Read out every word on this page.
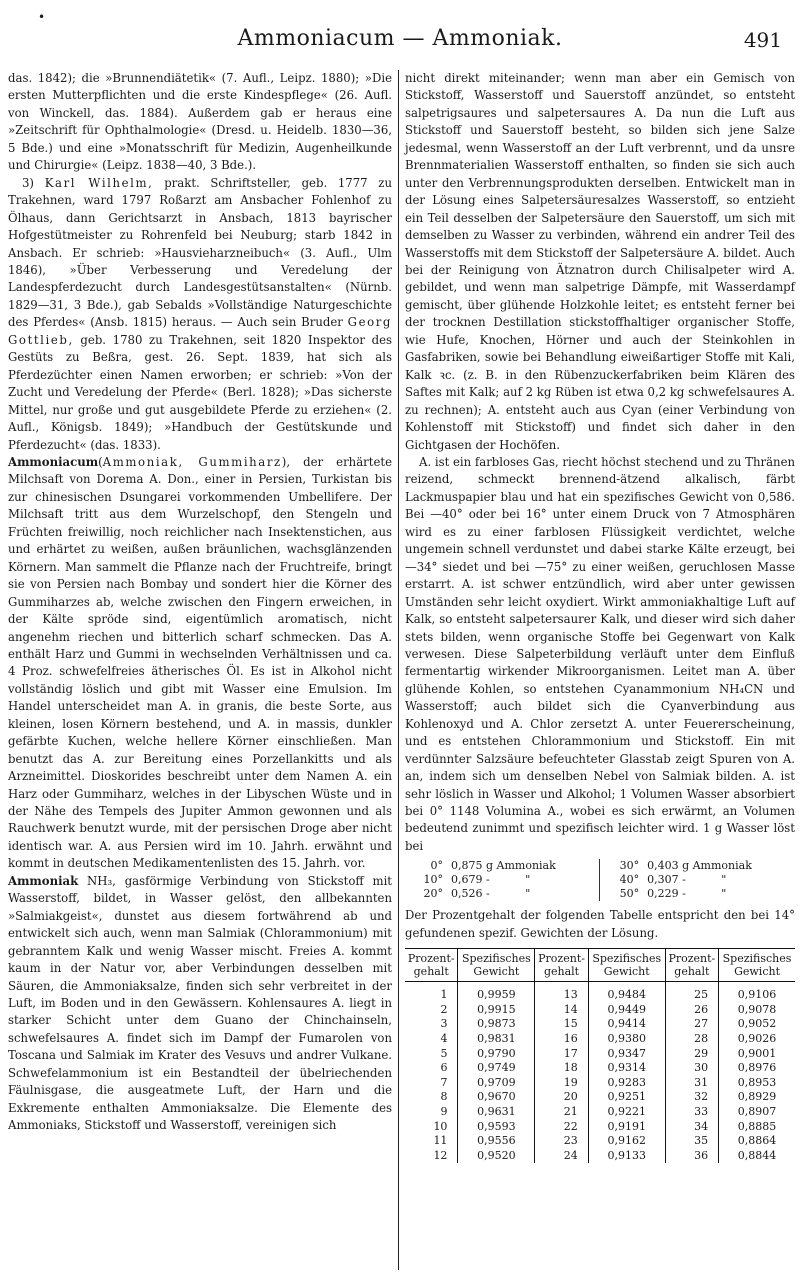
•
Ammoniacum — Ammoniak.	491

das. 1842); die »Brunnendiätetik« (7. Aufl., Leipz. 1880); »Die ersten Mutterpflichten und die erste Kindespflege« (26. Aufl. von Winckell, das. 1884). Außerdem gab er heraus eine »Zeitschrift für Ophthalmologie« (Dresd. u. Heidelb. 1830—36, 5 Bde.) und eine »Monatsschrift für Medizin, Augenheilkunde und Chirurgie« (Leipz. 1838—40, 3 Bde.).

3) Karl Wilhelm, prakt. Schriftsteller, geb. 1777 zu Trakehnen, ward 1797 Roßarzt am Ansbacher Fohlenhof zu Ölhaus, dann Gerichtsarzt in Ansbach, 1813 bayrischer Hofgestütmeister zu Rohrenfeld bei Neuburg; starb 1842 in Ansbach. Er schrieb: »Hausvieharzneibuch« (3. Aufl., Ulm 1846), »Über Verbesserung und Veredelung der Landespferdezucht durch Landesgestütsanstalten« (Nürnb. 1829—31, 3 Bde.), gab Sebalds »Vollständige Naturgeschichte des Pferdes« (Ansb. 1815) heraus. — Auch sein Bruder Georg Gottlieb, geb. 1780 zu Trakehnen, seit 1820 Inspektor des Gestüts zu Beßra, gest. 26. Sept. 1839, hat sich als Pferdezüchter einen Namen erworben; er schrieb: »Von der Zucht und Veredelung der Pferde« (Berl. 1828); »Das sicherste Mittel, nur große und gut ausgebildete Pferde zu erziehen« (2. Aufl., Königsb. 1849); »Handbuch der Gestütskunde und Pferdezucht« (das. 1833).

Ammoniacum(Ammoniak, Gummiharz), der erhärtete Milchsaft von Dorema A. Don., einer in Persien, Turkistan bis zur chinesischen Dsungarei vorkommenden Umbellifere. Der Milchsaft tritt aus dem Wurzelschopf, den Stengeln und Früchten freiwillig, noch reichlicher nach Insektenstichen, aus und erhärtet zu weißen, außen bräunlichen, wachsglänzenden Körnern. Man sammelt die Pflanze nach der Fruchtreife, bringt sie von Persien nach Bombay und sondert hier die Körner des Gummiharzes ab, welche zwischen den Fingern erweichen, in der Kälte spröde sind, eigentümlich aromatisch, nicht angenehm riechen und bitterlich scharf schmecken. Das A. enthält Harz und Gummi in wechselnden Verhältnissen und ca. 4 Proz. schwefelfreies ätherisches Öl. Es ist in Alkohol nicht vollständig löslich und gibt mit Wasser eine Emulsion. Im Handel unterscheidet man A. in granis, die beste Sorte, aus kleinen, losen Körnern bestehend, und A. in massis, dunkler gefärbte Kuchen, welche hellere Körner einschließen. Man benutzt das A. zur Bereitung eines Porzellankitts und als Arzneimittel. Dioskorides beschreibt unter dem Namen A. ein Harz oder Gummiharz, welches in der Libyschen Wüste und in der Nähe des Tempels des Jupiter Ammon gewonnen und als Rauchwerk benutzt wurde, mit der persischen Droge aber nicht identisch war. A. aus Persien wird im 10. Jahrh. erwähnt und kommt in deutschen Medikamentenlisten des 15. Jahrh. vor.

Ammoniak NH₃, gasförmige Verbindung von Stickstoff mit Wasserstoff, bildet, in Wasser gelöst, den allbekannten »Salmiakgeist«, dunstet aus diesem fortwährend ab und entwickelt sich auch, wenn man Salmiak (Chlorammonium) mit gebranntem Kalk und wenig Wasser mischt. Freies A. kommt kaum in der Natur vor, aber Verbindungen desselben mit Säuren, die Ammoniaksalze, finden sich sehr verbreitet in der Luft, im Boden und in den Gewässern. Kohlensaures A. liegt in starker Schicht unter dem Guano der Chinchainseln, schwefelsaures A. findet sich im Dampf der Fumarolen von Toscana und Salmiak im Krater des Vesuvs und andrer Vulkane. Schwefelammonium ist ein Bestandteil der übelriechenden Fäulnisgase, die ausgeatmete Luft, der Harn und die Exkremente enthalten Ammoniaksalze. Die Elemente des Ammoniaks, Stickstoff und Wasserstoff, vereinigen sich

nicht direkt miteinander; wenn man aber ein Gemisch von Stickstoff, Wasserstoff und Sauerstoff anzündet, so entsteht salpetrigsaures und salpetersaures A. Da nun die Luft aus Stickstoff und Sauerstoff besteht, so bilden sich jene Salze jedesmal, wenn Wasserstoff an der Luft verbrennt, und da unsre Brennmaterialien Wasserstoff enthalten, so finden sie sich auch unter den Verbrennungsprodukten derselben. Entwickelt man in der Lösung eines Salpetersäuresalzes Wasserstoff, so entzieht ein Teil desselben der Salpetersäure den Sauerstoff, um sich mit demselben zu Wasser zu verbinden, während ein andrer Teil des Wasserstoffs mit dem Stickstoff der Salpetersäure A. bildet. Auch bei der Reinigung von Ätznatron durch Chilisalpeter wird A. gebildet, und wenn man salpetrige Dämpfe, mit Wasserdampf gemischt, über glühende Holzkohle leitet; es entsteht ferner bei der trocknen Destillation stickstoffhaltiger organischer Stoffe, wie Hufe, Knochen, Hörner und auch der Steinkohlen in Gasfabriken, sowie bei Behandlung eiweißartiger Stoffe mit Kali, Kalk ꝛc. (z. B. in den Rübenzuckerfabriken beim Klären des Saftes mit Kalk; auf 2 kg Rüben ist etwa 0,2 kg schwefelsaures A. zu rechnen); A. entsteht auch aus Cyan (einer Verbindung von Kohlenstoff mit Stickstoff) und findet sich daher in den Gichtgasen der Hochöfen.

A. ist ein farbloses Gas, riecht höchst stechend und zu Thränen reizend, schmeckt brennend-ätzend alkalisch, färbt Lackmuspapier blau und hat ein spezifisches Gewicht von 0,586. Bei —40° oder bei 16° unter einem Druck von 7 Atmosphären wird es zu einer farblosen Flüssigkeit verdichtet, welche ungemein schnell verdunstet und dabei starke Kälte erzeugt, bei —34° siedet und bei —75° zu einer weißen, geruchlosen Masse erstarrt. A. ist schwer entzündlich, wird aber unter gewissen Umständen sehr leicht oxydiert. Wirkt ammoniakhaltige Luft auf Kalk, so entsteht salpetersaurer Kalk, und dieser wird sich daher stets bilden, wenn organische Stoffe bei Gegenwart von Kalk verwesen. Diese Salpeterbildung verläuft unter dem Einfluß fermentartig wirkender Mikroorganismen. Leitet man A. über glühende Kohlen, so entstehen Cyanammonium NH₄CN und Wasserstoff; auch bildet sich die Cyanverbindung aus Kohlenoxyd und A. Chlor zersetzt A. unter Feuererscheinung, und es entstehen Chlorammonium und Stickstoff. Ein mit verdünnter Salzsäure befeuchteter Glasstab zeigt Spuren von A. an, indem sich um denselben Nebel von Salmiak bilden. A. ist sehr löslich in Wasser und Alkohol; 1 Volumen Wasser absorbiert bei 0° 1148 Volumina A., wobei es sich erwärmt, an Volumen bedeutend zunimmt und spezifisch leichter wird. 1 g Wasser löst bei

0°	0,875 g Ammoniak		30°	0,403 g Ammoniak
10°	0,679 - "		40°	0,307 - "
20°	0,526 - "		50°	0,229 - "

Der Prozentgehalt der folgenden Tabelle entspricht den bei 14° gefundenen spezif. Gewichten der Lösung.

Prozent-gehalt	Spezifisches Gewicht	Prozent-gehalt	Spezifisches Gewicht	Prozent-gehalt	Spezifisches Gewicht
1	0,9959	13	0,9484	25	0,9106
2	0,9915	14	0,9449	26	0,9078
3	0,9873	15	0,9414	27	0,9052
4	0,9831	16	0,9380	28	0,9026
5	0,9790	17	0,9347	29	0,9001
6	0,9749	18	0,9314	30	0,8976
7	0,9709	19	0,9283	31	0,8953
8	0,9670	20	0,9251	32	0,8929
9	0,9631	21	0,9221	33	0,8907
10	0,9593	22	0,9191	34	0,8885
11	0,9556	23	0,9162	35	0,8864
12	0,9520	24	0,9133	36	0,8844
